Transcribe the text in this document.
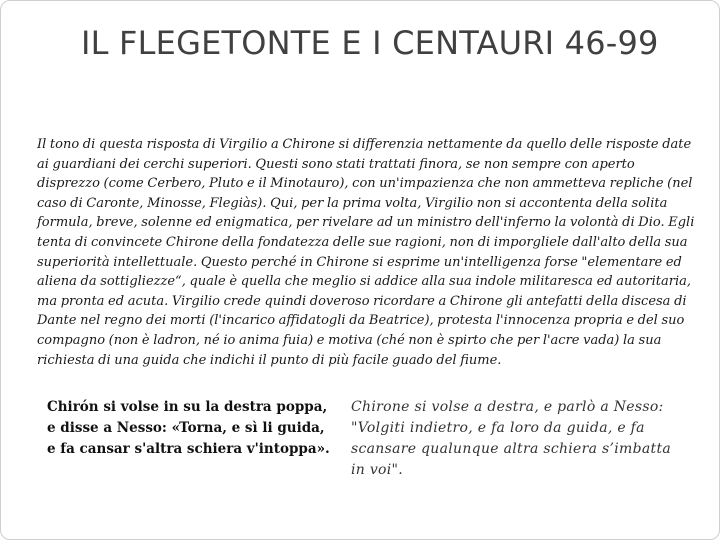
IL FLEGETONTE E I CENTAURI 46-99
Il tono di questa risposta di Virgilio a Chirone si differenzia nettamente da quello delle risposte date ai guardiani dei cerchi superiori. Questi sono stati trattati finora, se non sempre con aperto disprezzo (come Cerbero, Pluto e il Minotauro), con un'impazienza che non ammetteva repliche (nel caso di Caronte, Minosse, Flegiàs). Qui, per la prima volta, Virgilio non si accontenta della solita formula, breve, solenne ed enigmatica, per rivelare ad un ministro dell'inferno la volontà di Dio. Egli tenta di convincete Chirone della fondatezza delle sue ragioni, non di imporgliele dall'alto della sua superiorità intellettuale. Questo perché in Chirone si esprime un'intelligenza forse "elementare ed aliena da sottigliezze“, quale è quella che meglio si addice alla sua indole militaresca ed autoritaria, ma pronta ed acuta. Virgilio crede quindi doveroso ricordare a Chirone gli antefatti della discesa di Dante nel regno dei morti (l'incarico affidatogli da Beatrice), protesta l'innocenza propria e del suo compagno (non è ladron, né io anima fuia) e motiva (ché non è spirto che per l'acre vada) la sua richiesta di una guida che indichi il punto di più facile guado del fiume.
Chirón si volse in su la destra poppa,
e disse a Nesso: «Torna, e sì li guida,
e fa cansar s'altra schiera v'intoppa».
Chirone si volse a destra, e parlò a Nesso: "Volgiti indietro, e fa loro da guida, e fa scansare qualunque altra schiera s’imbatta in voi".
